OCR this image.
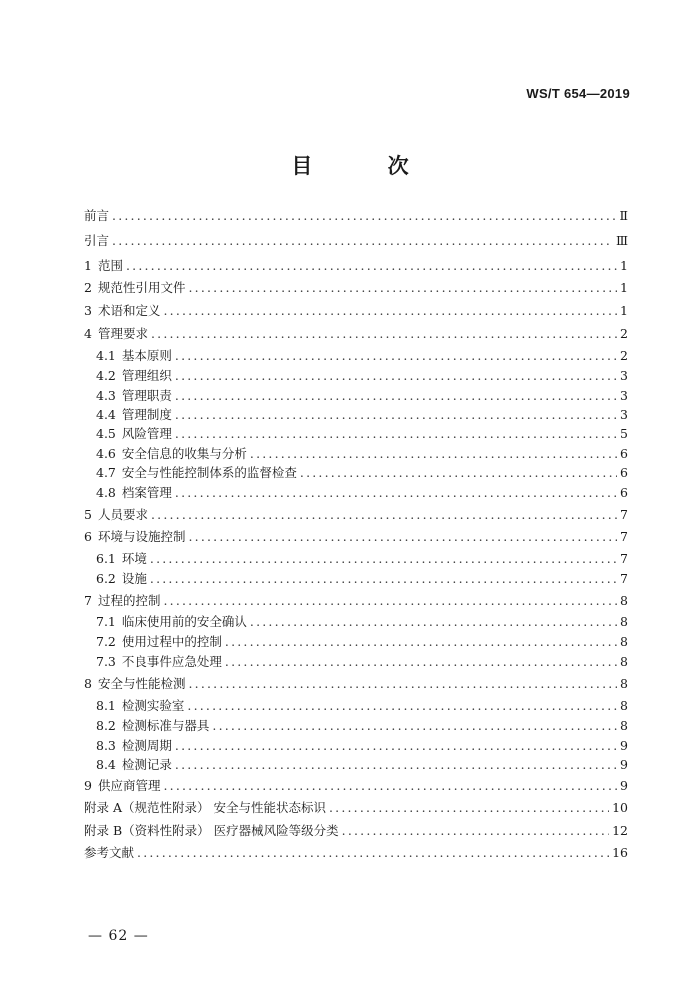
WS/T 654—2019
目 次
前言 .....	Ⅱ
引言 .....	Ⅲ
1 范围 .....	1
2 规范性引用文件 .....	1
3 术语和定义 .....	1
4 管理要求 .....	2
4.1 基本原则 .....	2
4.2 管理组织 .....	3
4.3 管理职责 .....	3
4.4 管理制度 .....	3
4.5 风险管理 .....	5
4.6 安全信息的收集与分析 .....	6
4.7 安全与性能控制体系的监督检查 .....	6
4.8 档案管理 .....	6
5 人员要求 .....	7
6 环境与设施控制 .....	7
6.1 环境 .....	7
6.2 设施 .....	7
7 过程的控制 .....	8
7.1 临床使用前的安全确认 .....	8
7.2 使用过程中的控制 .....	8
7.3 不良事件应急处理 .....	8
8 安全与性能检测 .....	8
8.1 检测实验室 .....	8
8.2 检测标准与器具 .....	8
8.3 检测周期 .....	9
8.4 检测记录 .....	9
9 供应商管理 .....	9
附录 A（规范性附录） 安全与性能状态标识 .....	10
附录 B（资料性附录） 医疗器械风险等级分类 .....	12
参考文献 .....	16
— 62 —
